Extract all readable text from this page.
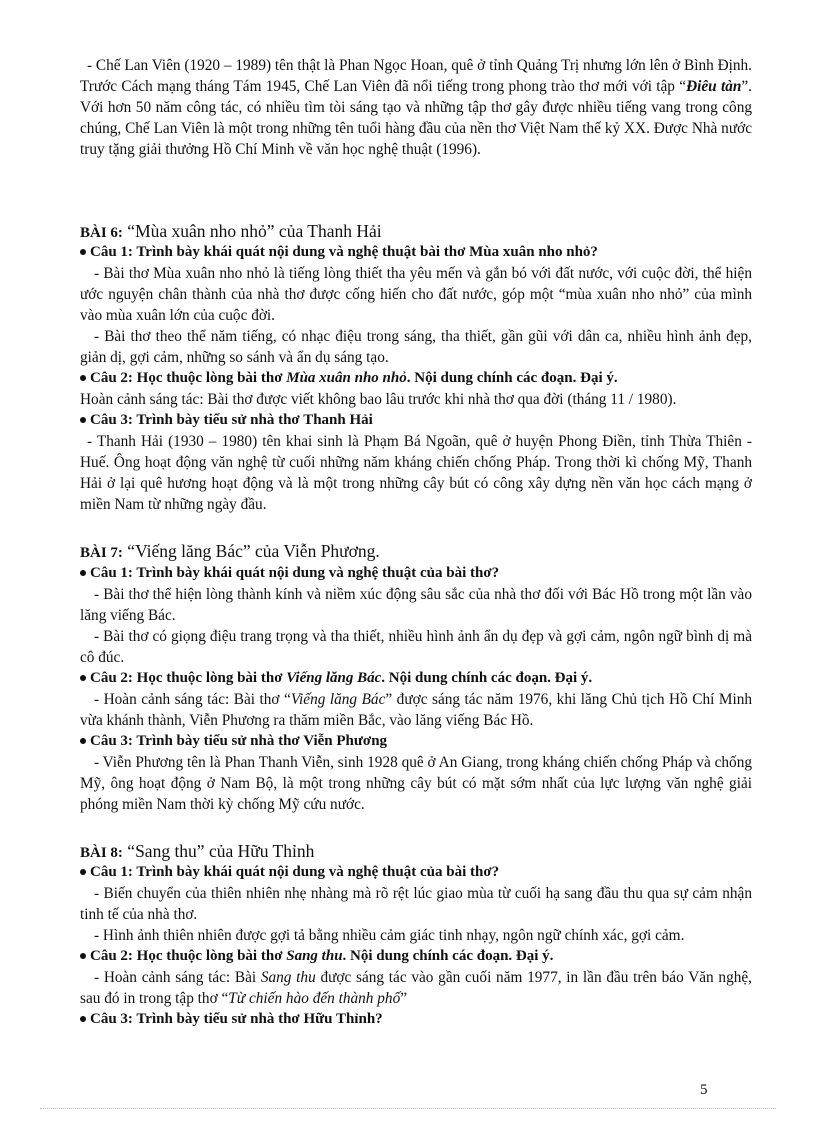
- Chế Lan Viên (1920 – 1989) tên thật là Phan Ngọc Hoan, quê ở tỉnh Quảng Trị nhưng lớn lên ở Bình Định. Trước Cách mạng tháng Tám 1945, Chế Lan Viên đã nổi tiếng trong phong trào thơ mới với tập “Điêu tàn”. Với hơn 50 năm công tác, có nhiều tìm tòi sáng tạo và những tập thơ gây được nhiều tiếng vang trong công chúng, Chế Lan Viên là một trong những tên tuổi hàng đầu của nền thơ Việt Nam thế kỷ XX. Được Nhà nước truy tặng giải thưởng Hồ Chí Minh về văn học nghệ thuật (1996).

BÀI 6: “Mùa xuân nho nhỏ” của Thanh Hải
Câu 1: Trình bày khái quát nội dung và nghệ thuật bài thơ Mùa xuân nho nhỏ?

- Bài thơ Mùa xuân nho nhỏ là tiếng lòng thiết tha yêu mến và gắn bó với đất nước, với cuộc đời, thể hiện ước nguyện chân thành của nhà thơ được cống hiến cho đất nước, góp một “mùa xuân nho nhỏ” của mình vào mùa xuân lớn của cuộc đời.

- Bài thơ theo thể năm tiếng, có nhạc điệu trong sáng, tha thiết, gần gũi với dân ca, nhiều hình ảnh đẹp, giản dị, gợi cảm, những so sánh và ẩn dụ sáng tạo.

Câu 2: Học thuộc lòng bài thơ Mùa xuân nho nhỏ. Nội dung chính các đoạn. Đại ý.

Hoàn cảnh sáng tác: Bài thơ được viết không bao lâu trước khi nhà thơ qua đời (tháng 11 / 1980).

Câu 3: Trình bày tiểu sử nhà thơ Thanh Hải

- Thanh Hải (1930 – 1980) tên khai sinh là Phạm Bá Ngoãn, quê ở huyện Phong Điền, tỉnh Thừa Thiên - Huế. Ông hoạt động văn nghệ từ cuối những năm kháng chiến chống Pháp. Trong thời kì chống Mỹ, Thanh Hải ở lại quê hương hoạt động và là một trong những cây bút có công xây dựng nền văn học cách mạng ở miền Nam từ những ngày đầu.

BÀI 7: “Viếng lăng Bác” của Viễn Phương.
Câu 1: Trình bày khái quát nội dung và nghệ thuật của bài thơ?

- Bài thơ thể hiện lòng thành kính và niềm xúc động sâu sắc của nhà thơ đối với Bác Hồ trong một lần vào lăng viếng Bác.

- Bài thơ có giọng điệu trang trọng và tha thiết, nhiều hình ảnh ẩn dụ đẹp và gợi cảm, ngôn ngữ bình dị mà cô đúc.

Câu 2: Học thuộc lòng bài thơ Viếng lăng Bác. Nội dung chính các đoạn. Đại ý.

- Hoàn cảnh sáng tác: Bài thơ “Viếng lăng Bác” được sáng tác năm 1976, khi lăng Chủ tịch Hồ Chí Minh vừa khánh thành, Viễn Phương ra thăm miền Bắc, vào lăng viếng Bác Hồ.

Câu 3: Trình bày tiểu sử nhà thơ Viễn Phương

- Viễn Phương tên là Phan Thanh Viễn, sinh 1928 quê ở An Giang, trong kháng chiến chống Pháp và chống Mỹ, ông hoạt động ở Nam Bộ, là một trong những cây bút có mặt sớm nhất của lực lượng văn nghệ giải phóng miền Nam thời kỳ chống Mỹ cứu nước.

BÀI 8: “Sang thu” của Hữu Thỉnh
Câu 1: Trình bày khái quát nội dung và nghệ thuật của bài thơ?

- Biến chuyển của thiên nhiên nhẹ nhàng mà rõ rệt lúc giao mùa từ cuối hạ sang đầu thu qua sự cảm nhận tinh tế của nhà thơ.

- Hình ảnh thiên nhiên được gợi tả bằng nhiều cảm giác tinh nhạy, ngôn ngữ chính xác, gợi cảm.

Câu 2: Học thuộc lòng bài thơ Sang thu. Nội dung chính các đoạn. Đại ý.

- Hoàn cảnh sáng tác: Bài Sang thu được sáng tác vào gần cuối năm 1977, in lần đầu trên báo Văn nghệ, sau đó in trong tập thơ “Từ chiến hào đến thành phố”

Câu 3: Trình bày tiểu sử nhà thơ Hữu Thỉnh?
5
